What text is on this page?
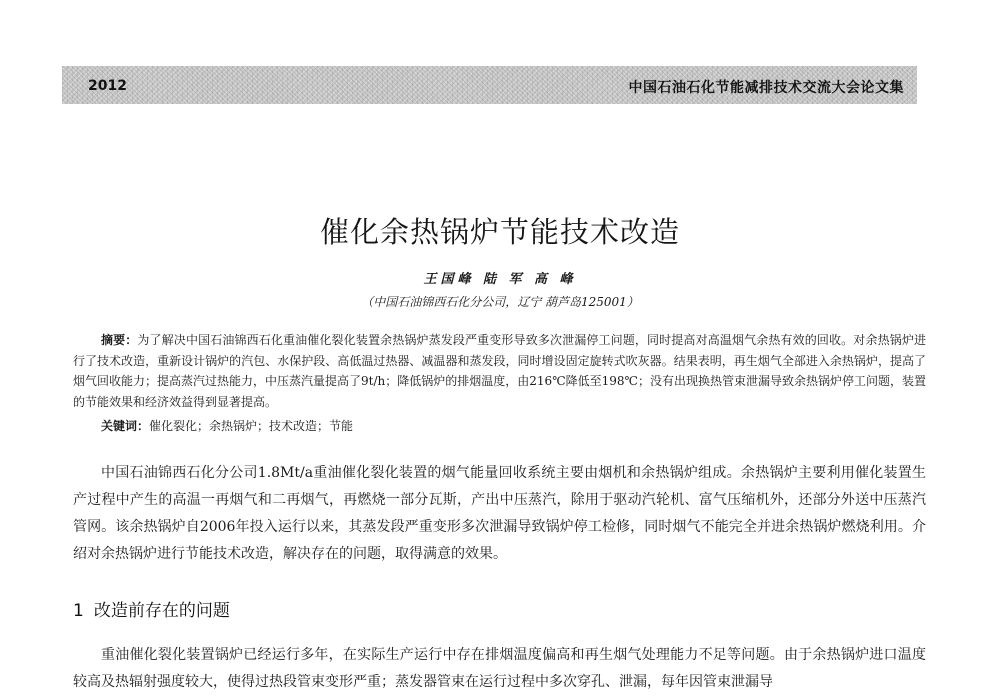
2012	中国石油石化节能减排技术交流大会论文集
催化余热锅炉节能技术改造
王国峰 陆 军 高 峰
（中国石油锦西石化分公司，辽宁 葫芦岛125001）
摘要：为了解决中国石油锦西石化重油催化裂化装置余热锅炉蒸发段严重变形导致多次泄漏停工问题，同时提高对高温烟气余热有效的回收。对余热锅炉进行了技术改造，重新设计锅炉的汽包、水保护段、高低温过热器、减温器和蒸发段，同时增设固定旋转式吹灰器。结果表明，再生烟气全部进入余热锅炉，提高了烟气回收能力；提高蒸汽过热能力，中压蒸汽量提高了9t/h；降低锅炉的排烟温度，由216℃降低至198℃；没有出现换热管束泄漏导致余热锅炉停工问题，装置的节能效果和经济效益得到显著提高。
关键词：催化裂化；余热锅炉；技术改造；节能
中国石油锦西石化分公司1.8Mt/a重油催化裂化装置的烟气能量回收系统主要由烟机和余热锅炉组成。余热锅炉主要利用催化装置生产过程中产生的高温一再烟气和二再烟气，再燃烧一部分瓦斯，产出中压蒸汽，除用于驱动汽轮机、富气压缩机外，还部分外送中压蒸汽管网。该余热锅炉自2006年投入运行以来，其蒸发段严重变形多次泄漏导致锅炉停工检修，同时烟气不能完全并进余热锅炉燃烧利用。介绍对余热锅炉进行节能技术改造，解决存在的问题，取得满意的效果。
1 改造前存在的问题
重油催化裂化装置锅炉已经运行多年，在实际生产运行中存在排烟温度偏高和再生烟气处理能力不足等问题。由于余热锅炉进口温度较高及热辐射强度较大，使得过热段管束变形严重；蒸发器管束在运行过程中多次穿孔、泄漏，每年因管束泄漏导
